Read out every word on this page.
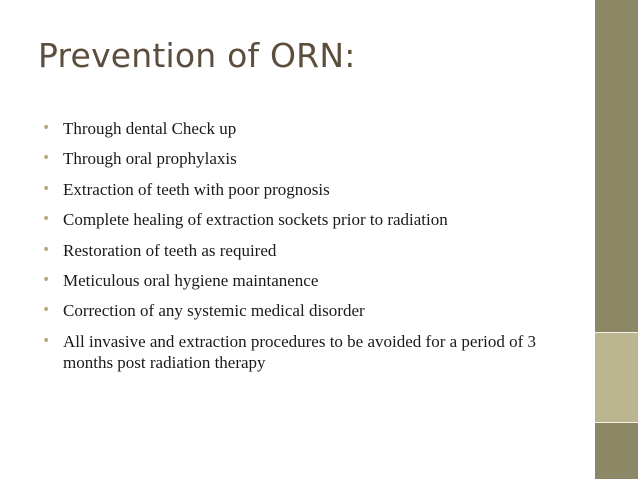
Prevention of ORN:
• Through dental Check up
• Through oral prophylaxis
• Extraction of teeth with poor prognosis
• Complete healing of extraction sockets prior to radiation
• Restoration of teeth as required
• Meticulous oral hygiene maintanence
• Correction of any systemic medical disorder
• All invasive and extraction procedures to be avoided for a period of 3 months post radiation therapy
